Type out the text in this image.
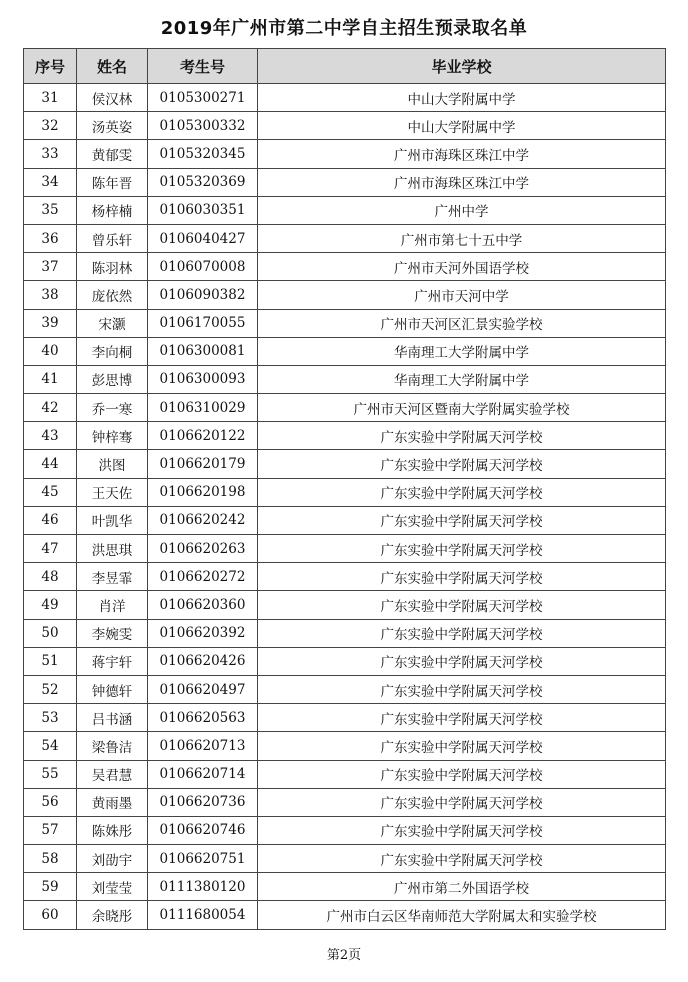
2019年广州市第二中学自主招生预录取名单
序号	姓名	考生号	毕业学校
31	侯汉林	0105300271	中山大学附属中学
32	汤英姿	0105300332	中山大学附属中学
33	黄郁雯	0105320345	广州市海珠区珠江中学
34	陈年晋	0105320369	广州市海珠区珠江中学
35	杨梓楠	0106030351	广州中学
36	曾乐轩	0106040427	广州市第七十五中学
37	陈羽林	0106070008	广州市天河外国语学校
38	庞依然	0106090382	广州市天河中学
39	宋灏	0106170055	广州市天河区汇景实验学校
40	李向桐	0106300081	华南理工大学附属中学
41	彭思博	0106300093	华南理工大学附属中学
42	乔一寒	0106310029	广州市天河区暨南大学附属实验学校
43	钟梓骞	0106620122	广东实验中学附属天河学校
44	洪图	0106620179	广东实验中学附属天河学校
45	王天佐	0106620198	广东实验中学附属天河学校
46	叶凯华	0106620242	广东实验中学附属天河学校
47	洪思琪	0106620263	广东实验中学附属天河学校
48	李昱霏	0106620272	广东实验中学附属天河学校
49	肖洋	0106620360	广东实验中学附属天河学校
50	李婉雯	0106620392	广东实验中学附属天河学校
51	蒋宇轩	0106620426	广东实验中学附属天河学校
52	钟德轩	0106620497	广东实验中学附属天河学校
53	吕书涵	0106620563	广东实验中学附属天河学校
54	梁鲁洁	0106620713	广东实验中学附属天河学校
55	吴君慧	0106620714	广东实验中学附属天河学校
56	黄雨墨	0106620736	广东实验中学附属天河学校
57	陈姝彤	0106620746	广东实验中学附属天河学校
58	刘劭宇	0106620751	广东实验中学附属天河学校
59	刘莹莹	0111380120	广州市第二外国语学校
60	余晓彤	0111680054	广州市白云区华南师范大学附属太和实验学校
第2页
